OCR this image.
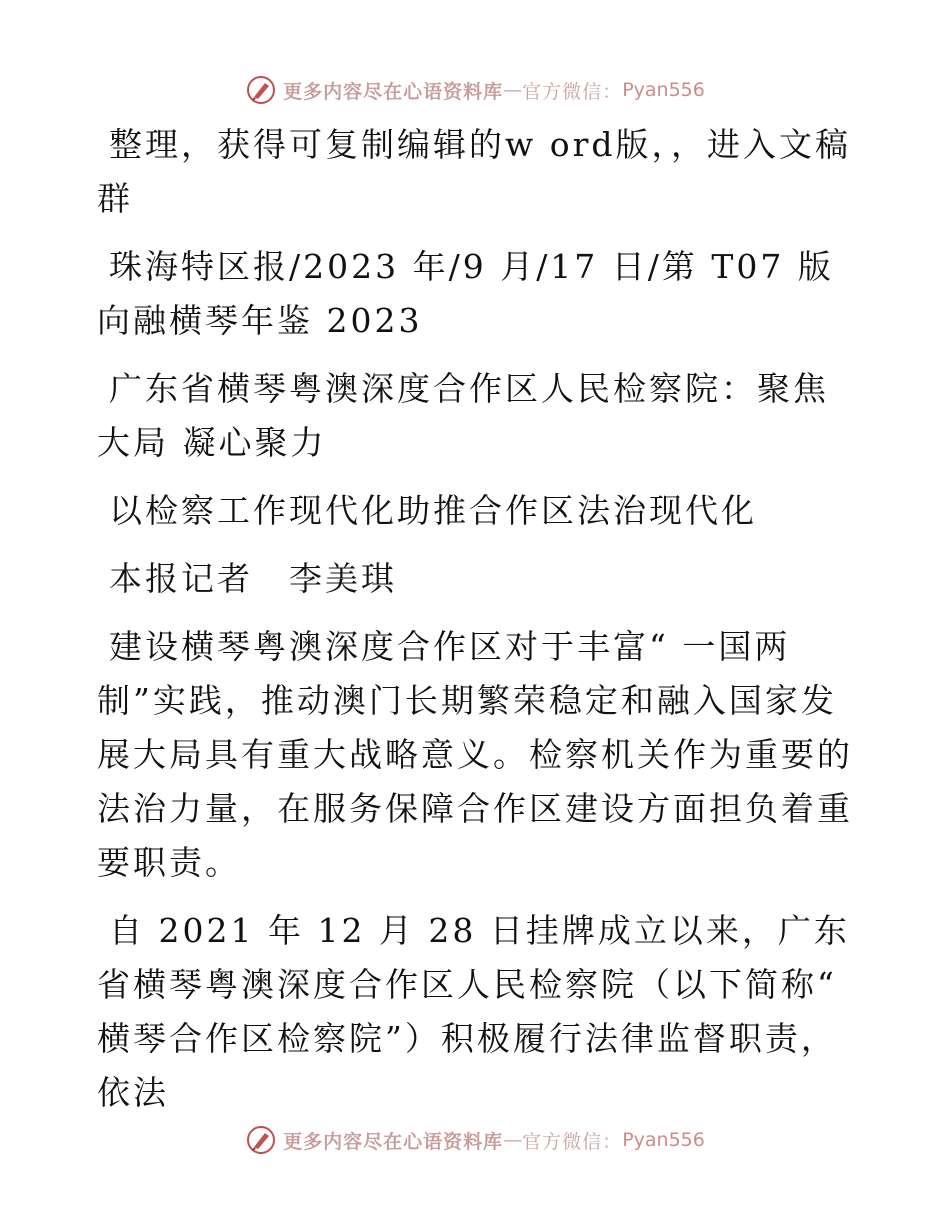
更多内容尽在心语资料库 — 官方微信： Pyan556

整理，获得可复制编辑的w ord版，，进入文稿群

珠海特区报/2023 年/9 月/17 日/第 T07 版向融横琴年鉴 2023

广东省横琴粤澳深度合作区人民检察院：聚焦大局 凝心聚力

以检察工作现代化助推合作区法治现代化

本报记者　李美琪

建设横琴粤澳深度合作区对于丰富“ 一国两制”实践，推动澳门长期繁荣稳定和融入国家发展大局具有重大战略意义。检察机关作为重要的法治力量，在服务保障合作区建设方面担负着重要职责。

自 2021 年 12 月 28 日挂牌成立以来，广东省横琴粤澳深度合作区人民检察院（以下简称“ 横琴合作区检察院”）积极履行法律监督职责，依法

更多内容尽在心语资料库 — 官方微信： Pyan556
